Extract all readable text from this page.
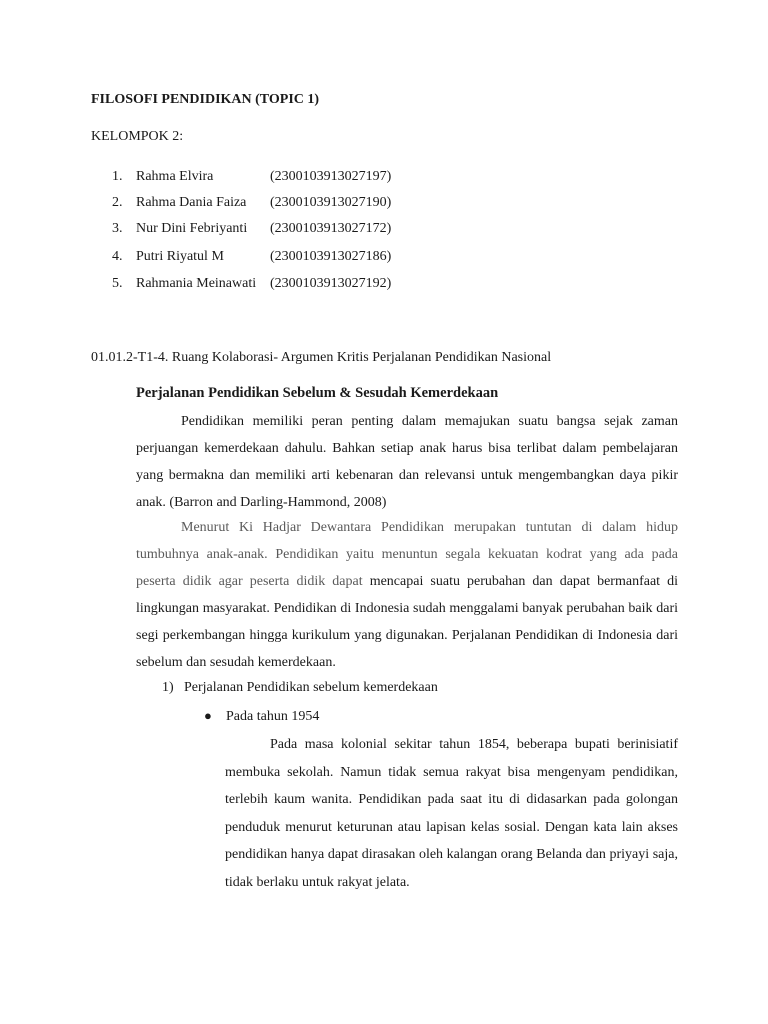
FILOSOFI PENDIDIKAN (TOPIC 1)
KELOMPOK 2:
1. Rahma Elvira	(2300103913027197)
2. Rahma Dania Faiza (2300103913027190)
3. Nur Dini Febriyanti (2300103913027172)
4. Putri Riyatul M	(2300103913027186)
5. Rahmania Meinawati (2300103913027192)
01.01.2-T1-4. Ruang Kolaborasi- Argumen Kritis Perjalanan Pendidikan Nasional
Perjalanan Pendidikan Sebelum & Sesudah Kemerdekaan

Pendidikan memiliki peran penting dalam memajukan suatu bangsa sejak zaman perjuangan kemerdekaan dahulu. Bahkan setiap anak harus bisa terlibat dalam pembelajaran yang bermakna dan memiliki arti kebenaran dan relevansi untuk mengembangkan daya pikir anak. (Barron and Darling-Hammond, 2008)

Menurut Ki Hadjar Dewantara Pendidikan merupakan tuntutan di dalam hidup tumbuhnya anak-anak. Pendidikan yaitu menuntun segala kekuatan kodrat yang ada pada peserta didik agar peserta didik dapat mencapai suatu perubahan dan dapat bermanfaat di lingkungan masyarakat. Pendidikan di Indonesia sudah menggalami banyak perubahan baik dari segi perkembangan hingga kurikulum yang digunakan. Perjalanan Pendidikan di Indonesia dari sebelum dan sesudah kemerdekaan.

1) Perjalanan Pendidikan sebelum kemerdekaan
● Pada tahun 1954

Pada masa kolonial sekitar tahun 1854, beberapa bupati berinisiatif membuka sekolah. Namun tidak semua rakyat bisa mengenyam pendidikan, terlebih kaum wanita. Pendidikan pada saat itu di didasarkan pada golongan penduduk menurut keturunan atau lapisan kelas sosial. Dengan kata lain akses pendidikan hanya dapat dirasakan oleh kalangan orang Belanda dan priyayi saja, tidak berlaku untuk rakyat jelata.
